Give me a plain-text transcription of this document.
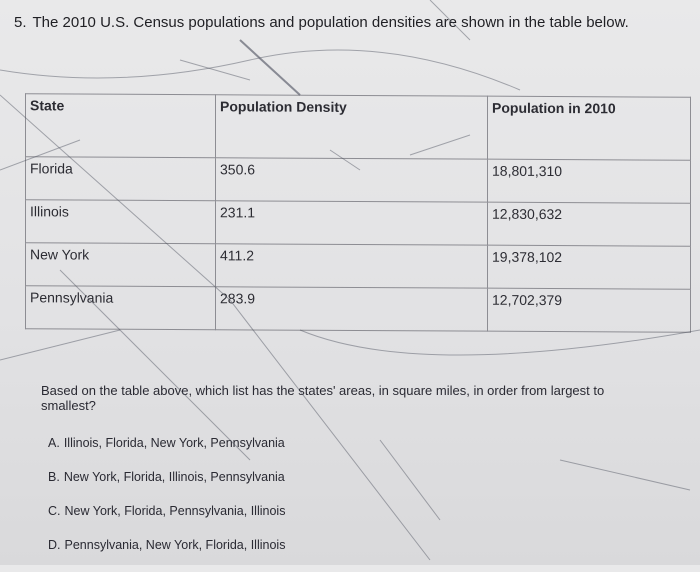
5. The 2010 U.S. Census populations and population densities are shown in the table below.
State	Population Density	Population in 2010
Florida	350.6	18,801,310
Illinois	231.1	12,830,632
New York	411.2	19,378,102
Pennsylvania	283.9	12,702,379
Based on the table above, which list has the states' areas, in square miles, in order from largest to smallest?
A. Illinois, Florida, New York, Pennsylvania
B. New York, Florida, Illinois, Pennsylvania
C. New York, Florida, Pennsylvania, Illinois
D. Pennsylvania, New York, Florida, Illinois
